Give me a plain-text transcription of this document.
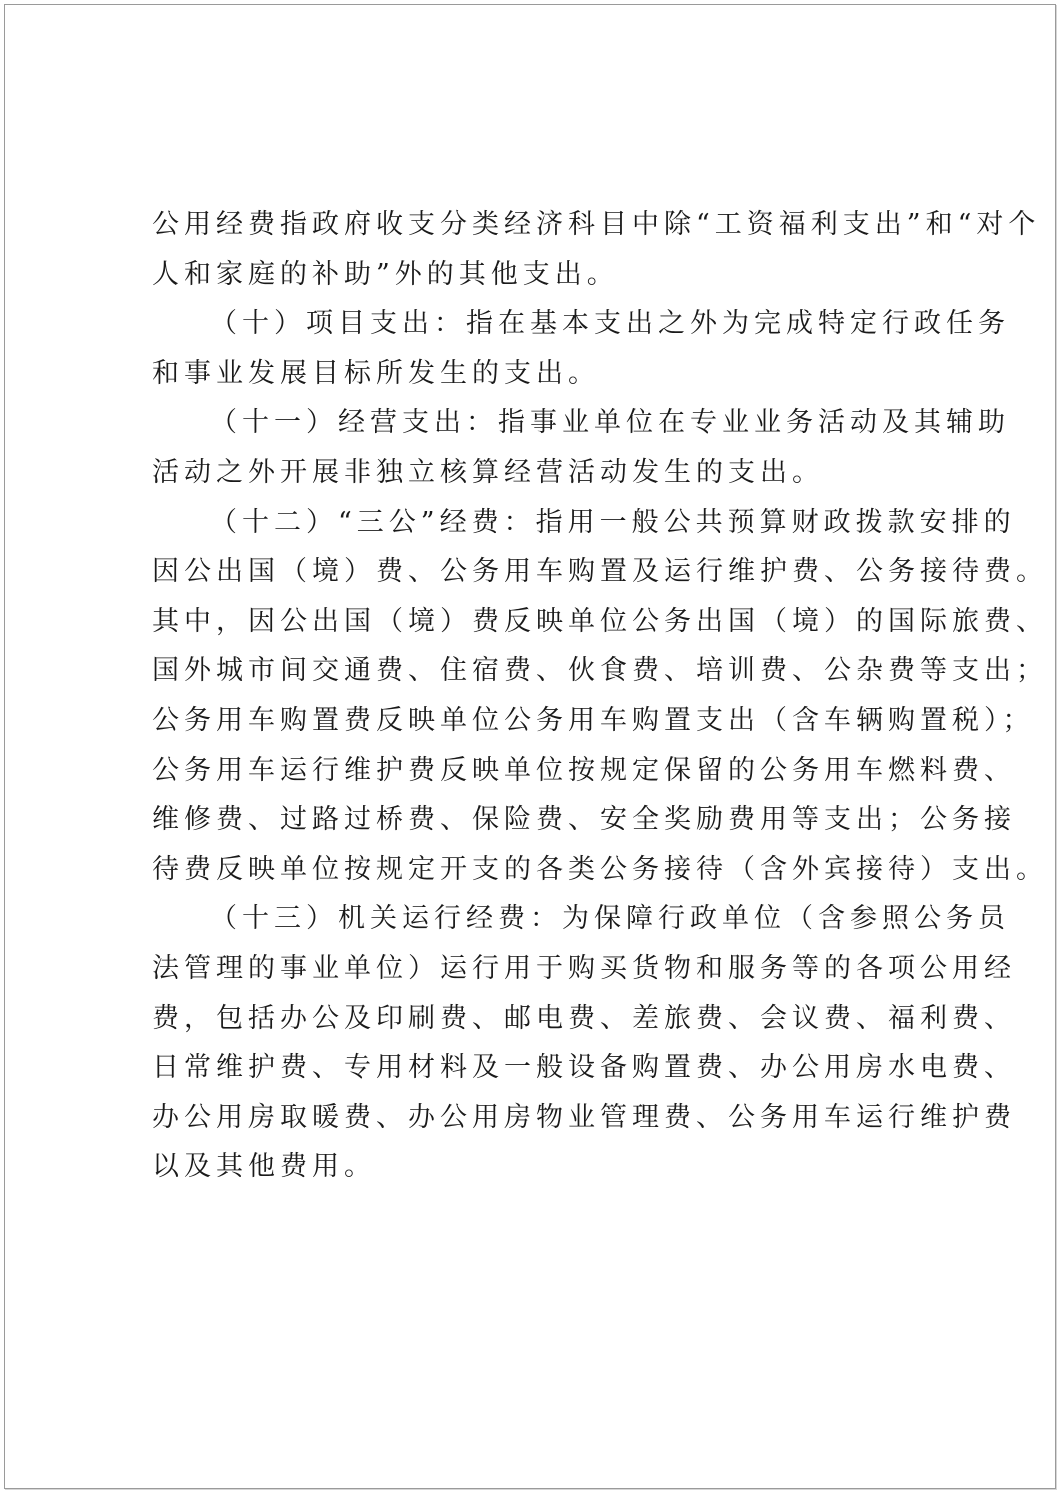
公用经费指政府收支分类经济科目中除“工资福利支出”和“对个
人和家庭的补助”外的其他支出。
（十）项目支出：指在基本支出之外为完成特定行政任务
和事业发展目标所发生的支出。
（十一）经营支出：指事业单位在专业业务活动及其辅助
活动之外开展非独立核算经营活动发生的支出。
（十二）“三公”经费：指用一般公共预算财政拨款安排的
因公出国（境）费、公务用车购置及运行维护费、公务接待费。
其中，因公出国（境）费反映单位公务出国（境）的国际旅费、
国外城市间交通费、住宿费、伙食费、培训费、公杂费等支出；
公务用车购置费反映单位公务用车购置支出（含车辆购置税）；
公务用车运行维护费反映单位按规定保留的公务用车燃料费、
维修费、过路过桥费、保险费、安全奖励费用等支出；公务接
待费反映单位按规定开支的各类公务接待（含外宾接待）支出。
（十三）机关运行经费：为保障行政单位（含参照公务员
法管理的事业单位）运行用于购买货物和服务等的各项公用经
费，包括办公及印刷费、邮电费、差旅费、会议费、福利费、
日常维护费、专用材料及一般设备购置费、办公用房水电费、
办公用房取暖费、办公用房物业管理费、公务用车运行维护费
以及其他费用。
